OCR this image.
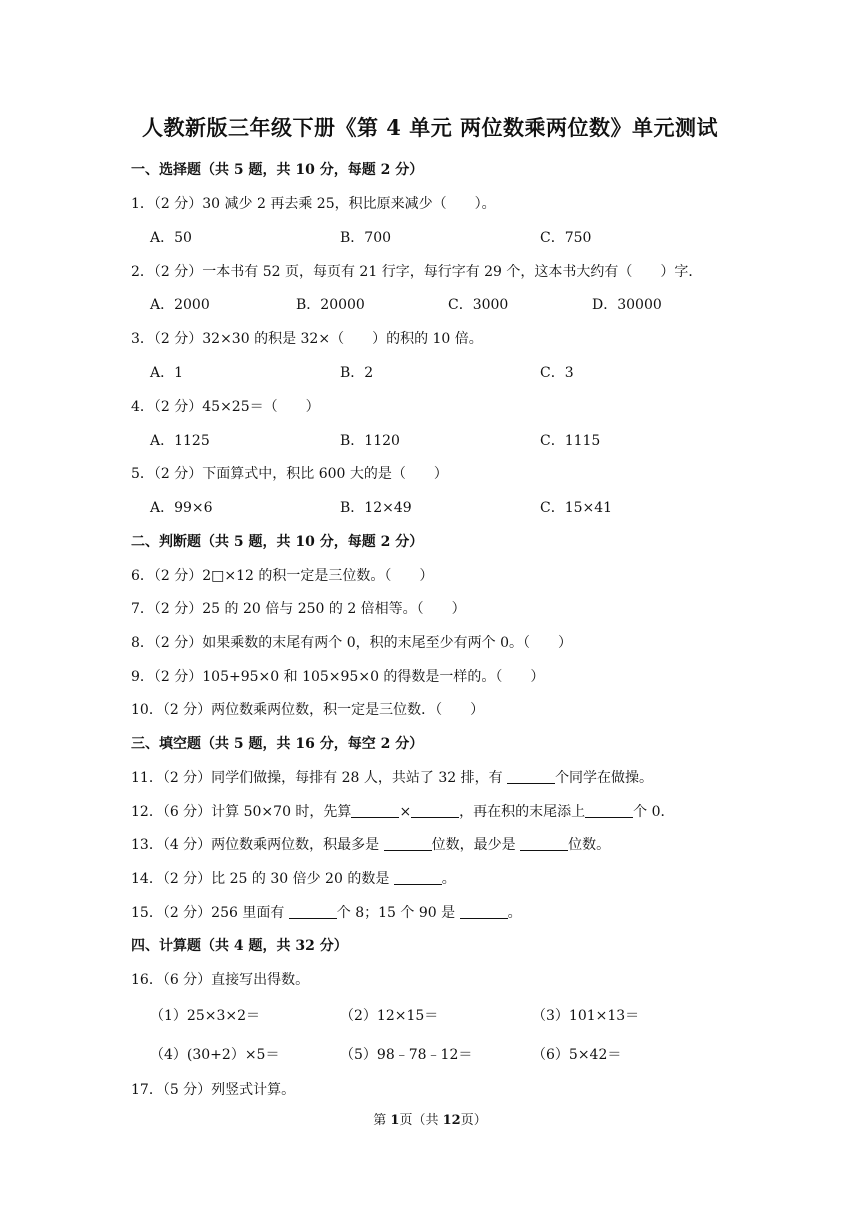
人教新版三年级下册《第 4 单元 两位数乘两位数》单元测试
一、选择题（共 5 题，共 10 分，每题 2 分）
1．（2 分）30 减少 2 再去乘 25，积比原来减少（　　）。
A．50	B．700	C．750
2．（2 分）一本书有 52 页，每页有 21 行字，每行字有 29 个，这本书大约有（　　）字．
A．2000	B．20000	C．3000	D．30000
3．（2 分）32×30 的积是 32×（　　）的积的 10 倍。
A．1	B．2	C．3
4．（2 分）45×25＝（　　）
A．1125	B．1120	C．1115
5．（2 分）下面算式中，积比 600 大的是（　　）
A．99×6	B．12×49	C．15×41
二、判断题（共 5 题，共 10 分，每题 2 分）
6．（2 分）2□×12 的积一定是三位数。（　　）
7．（2 分）25 的 20 倍与 250 的 2 倍相等。（　　）
8．（2 分）如果乘数的末尾有两个 0，积的末尾至少有两个 0。（　　）
9．（2 分）105+95×0 和 105×95×0 的得数是一样的。（　　）
10．（2 分）两位数乘两位数，积一定是三位数．（　　）
三、填空题（共 5 题，共 16 分，每空 2 分）
11．（2 分）同学们做操，每排有 28 人，共站了 32 排，有	个同学在做操。
12．（6 分）计算 50×70 时，先算	×	，再在积的末尾添上	个 0．
13．（4 分）两位数乘两位数，积最多是	位数，最少是	位数。
14．（2 分）比 25 的 30 倍少 20 的数是	。
15．（2 分）256 里面有	个 8；15 个 90 是	。
四、计算题（共 4 题，共 32 分）
16．（6 分）直接写出得数。
（1）25×3×2＝	（2）12×15＝	（3）101×13＝
（4）(30+2）×5＝	（5）98﹣78﹣12＝	（6）5×42＝
17．（5 分）列竖式计算。
第 1页（共 12页）
